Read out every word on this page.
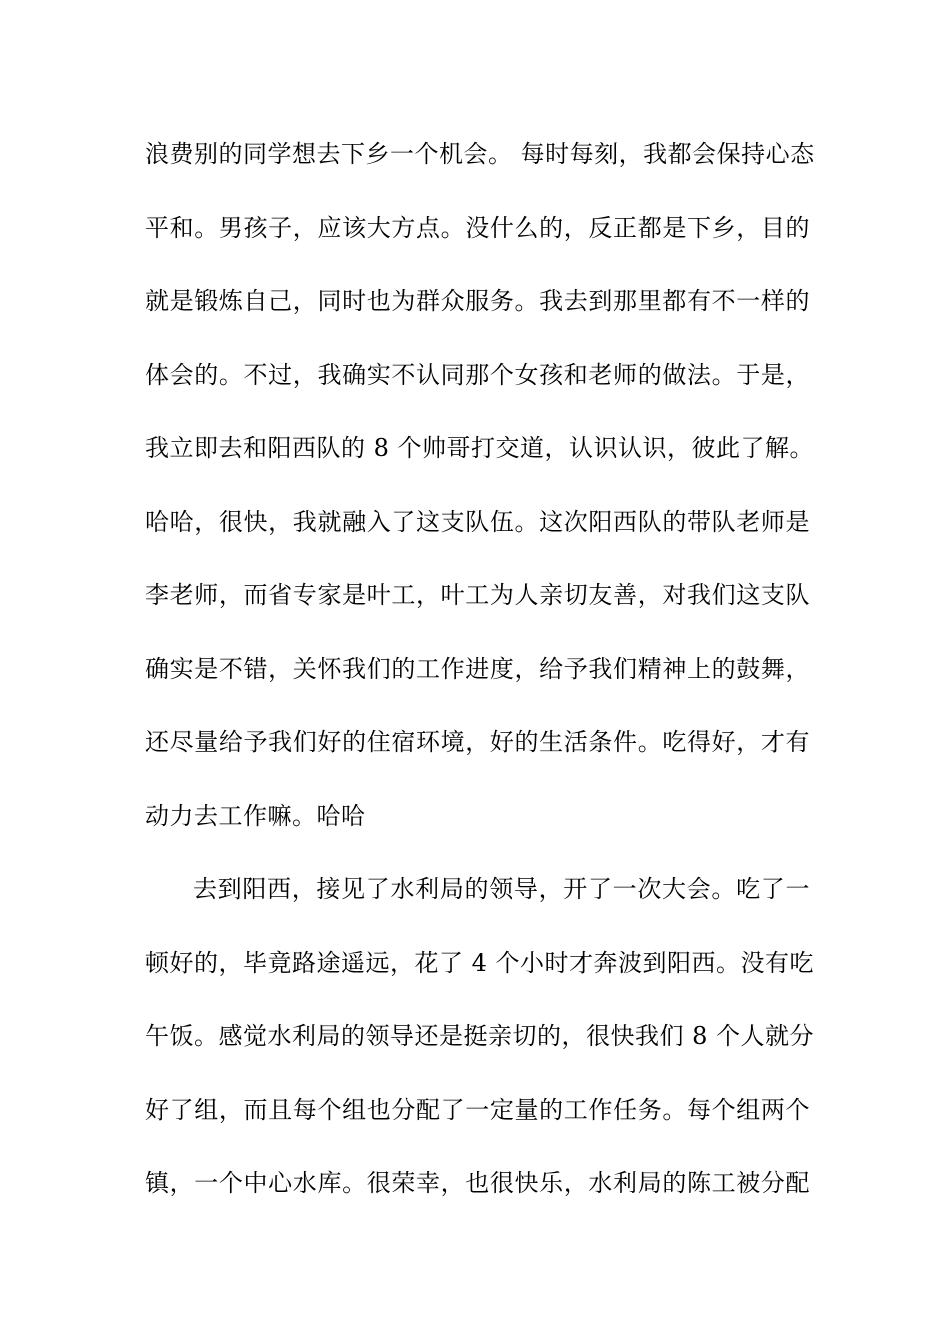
浪费别的同学想去下乡一个机会。 每时每刻，我都会保持心态
平和。男孩子，应该大方点。没什么的，反正都是下乡，目的
就是锻炼自己，同时也为群众服务。我去到那里都有不一样的
体会的。不过，我确实不认同那个女孩和老师的做法。于是，
我立即去和阳西队的 8 个帅哥打交道，认识认识，彼此了解。
哈哈，很快，我就融入了这支队伍。这次阳西队的带队老师是
李老师，而省专家是叶工，叶工为人亲切友善，对我们这支队
确实是不错，关怀我们的工作进度，给予我们精神上的鼓舞，
还尽量给予我们好的住宿环境，好的生活条件。吃得好，才有
动力去工作嘛。哈哈
去到阳西，接见了水利局的领导，开了一次大会。吃了一
顿好的，毕竟路途遥远，花了 4 个小时才奔波到阳西。没有吃
午饭。感觉水利局的领导还是挺亲切的，很快我们 8 个人就分
好了组，而且每个组也分配了一定量的工作任务。每个组两个
镇，一个中心水库。很荣幸，也很快乐，水利局的陈工被分配
